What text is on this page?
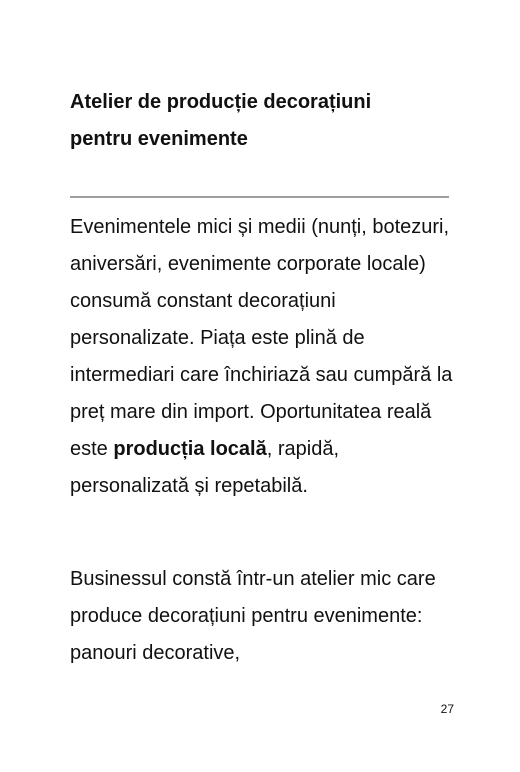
Atelier de producție decorațiuni
pentru evenimente

Evenimentele mici și medii (nunți, botezuri, aniversări, evenimente corporate locale) consumă constant decorațiuni personalizate. Piața este plină de intermediari care închiriază sau cumpără la preț mare din import. Oportunitatea reală este producția locală, rapidă, personalizată și repetabilă.

Businessul constă într-un atelier mic care produce decorațiuni pentru evenimente: panouri decorative,

27
